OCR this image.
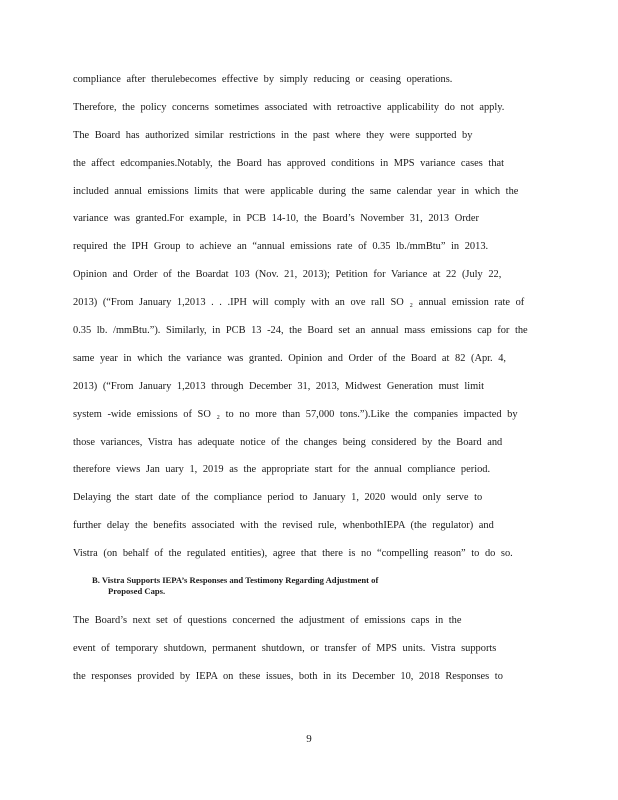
compliance after therulebecomes effective by simply reducing or ceasing operations.
Therefore, the policy concerns sometimes associated with retroactive applicability do not apply.
The Board has authorized similar restrictions in the past where they were supported by
the affect edcompanies.Notably, the Board has approved conditions in MPS variance cases that
included annual emissions limits that were applicable during the same calendar year in which the
variance was granted.For example, in PCB 14-10, the Board’s November 31, 2013 Order
required the IPH Group to achieve an “annual emissions rate of 0.35 lb./mmBtu” in 2013.
Opinion and Order of the Boardat 103 (Nov. 21, 2013); Petition for Variance at 22 (July 22,
2013) (“From January 1,2013 . . .IPH will comply with an ove rall SO ₂ annual emission rate of
0.35 lb. /mmBtu.”). Similarly, in PCB 13 -24, the Board set an annual mass emissions cap for the
same year in which the variance was granted. Opinion and Order of the Board at 82 (Apr. 4,
2013) (“From January 1,2013 through December 31, 2013, Midwest Generation must limit
system -wide emissions of SO ₂ to no more than 57,000 tons.”).Like the companies impacted by
those variances, Vistra has adequate notice of the changes being considered by the Board and
therefore views Jan uary 1, 2019 as the appropriate start for the annual compliance period.
Delaying the start date of the compliance period to January 1, 2020 would only serve to
further delay the benefits associated with the revised rule, whenbothIEPA (the regulator) and
Vistra (on behalf of the regulated entities), agree that there is no “compelling reason” to do so.
B. Vistra Supports IEPA’s Responses and Testimony Regarding Adjustment of
Proposed Caps.
The Board’s next set of questions concerned the adjustment of emissions caps in the
event of temporary shutdown, permanent shutdown, or transfer of MPS units. Vistra supports
the responses provided by IEPA on these issues, both in its December 10, 2018 Responses to
9
